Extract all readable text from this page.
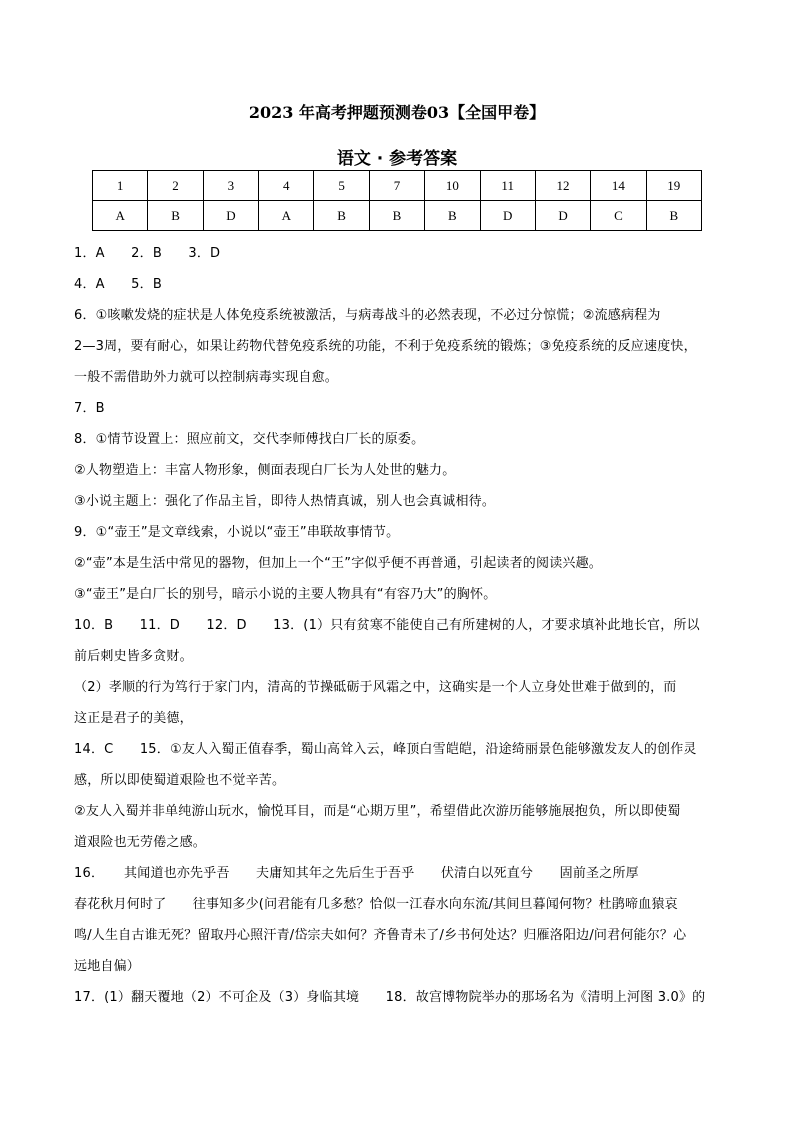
2023 年高考押题预测卷03【全国甲卷】
语文 · 参考答案
1	2	3	4	5	7	10	11	12	14	19
A	B	D	A	B	B	B	D	D	C	B

1．A　　2．B　　3．D

4．A　　5．B

6．①咳嗽发烧的症状是人体免疫系统被激活，与病毒战斗的必然表现，不必过分惊慌；②流感病程为

2—3周，要有耐心，如果让药物代替免疫系统的功能，不利于免疫系统的锻炼；③免疫系统的反应速度快，

一般不需借助外力就可以控制病毒实现自愈。

7．B

8．①情节设置上：照应前文，交代李师傅找白厂长的原委。

②人物塑造上：丰富人物形象，侧面表现白厂长为人处世的魅力。

③小说主题上：强化了作品主旨，即待人热情真诚，别人也会真诚相待。

9．①“壶王”是文章线索，小说以“壶王”串联故事情节。

②“壶”本是生活中常见的器物，但加上一个“王”字似乎便不再普通，引起读者的阅读兴趣。

③“壶王”是白厂长的别号，暗示小说的主要人物具有“有容乃大”的胸怀。

10．B　　11．D　　12．D　　13．(1）只有贫寒不能使自己有所建树的人，才要求填补此地长官，所以

前后刺史皆多贪财。

（2）孝顺的行为笃行于家门内，清高的节操砥砺于风霜之中，这确实是一个人立身处世难于做到的，而

这正是君子的美德，

14．C　　15．①友人入蜀正值春季，蜀山高耸入云，峰顶白雪皑皑，沿途绮丽景色能够激发友人的创作灵

感，所以即使蜀道艰险也不觉辛苦。

②友人入蜀并非单纯游山玩水，愉悦耳目，而是“心期万里”，希望借此次游历能够施展抱负，所以即使蜀

道艰险也无劳倦之感。

16．　　其闻道也亦先乎吾　　夫庸知其年之先后生于吾乎　　伏清白以死直兮　　固前圣之所厚

春花秋月何时了　　往事知多少(问君能有几多愁？恰似一江春水向东流/其间旦暮闻何物？杜鹃啼血猿哀

鸣/人生自古谁无死？留取丹心照汗青/岱宗夫如何？齐鲁青未了/乡书何处达？归雁洛阳边/问君何能尔？心

远地自偏）

17．(1）翻天覆地（2）不可企及（3）身临其境　　18．故宫博物院举办的那场名为《清明上河图 3.0》的
